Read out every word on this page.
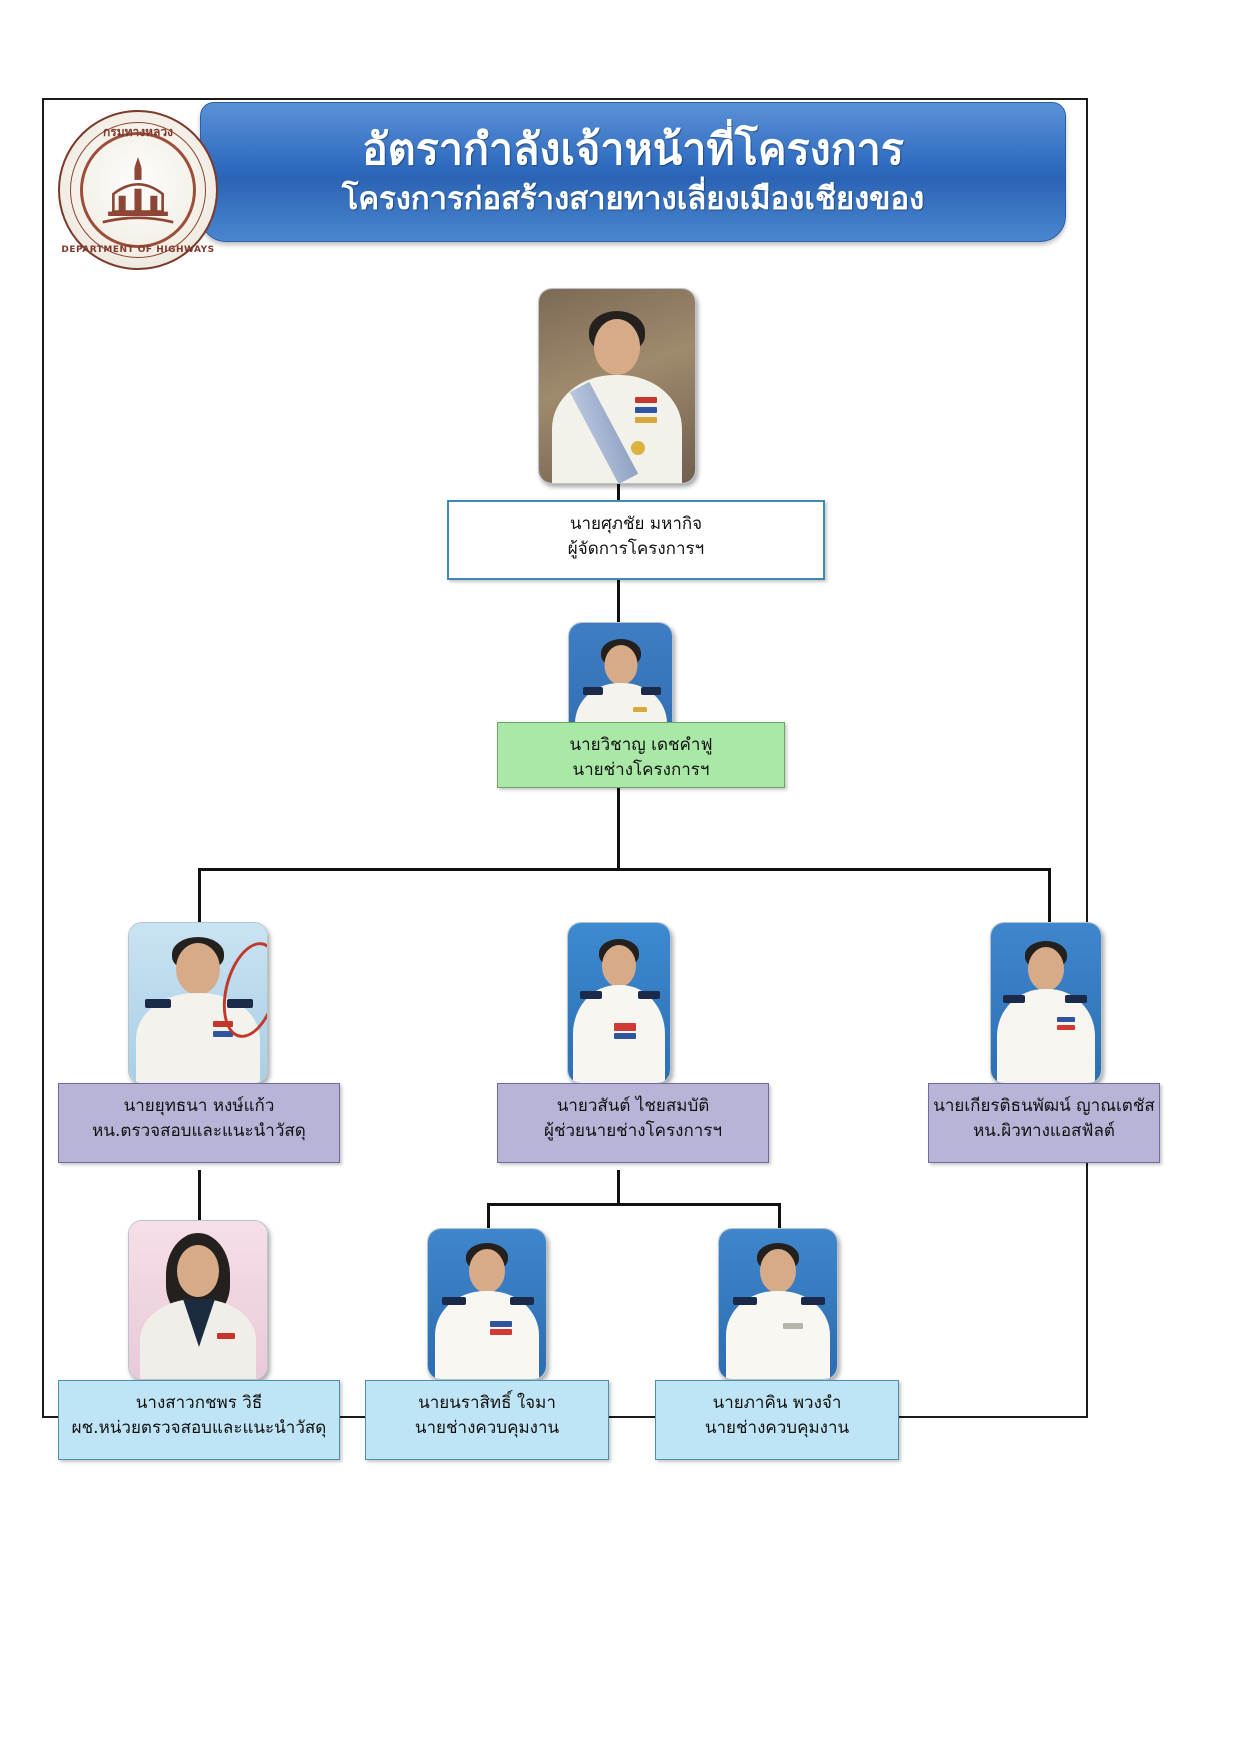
อัตรากำลังเจ้าหน้าที่โครงการ
โครงการก่อสร้างสายทางเลี่ยงเมืองเชียงของ
กรมทางหลวง
DEPARTMENT OF HIGHWAYS
นายศุภชัย มหากิจ
ผู้จัดการโครงการฯ
นายวิชาญ เดชคำฟู
นายช่างโครงการฯ
นายยุทธนา หงษ์แก้ว
หน.ตรวจสอบและแนะนำวัสดุ
นายวสันต์ ไชยสมบัติ
ผู้ช่วยนายช่างโครงการฯ
นายเกียรติธนพัฒน์ ญาณเตชัส
หน.ผิวทางแอสฟัลต์
นางสาวกชพร วิธี
ผช.หน่วยตรวจสอบและแนะนำวัสดุ
นายนราสิทธิ์ ใจมา
นายช่างควบคุมงาน
นายภาคิน พวงจำ
นายช่างควบคุมงาน
